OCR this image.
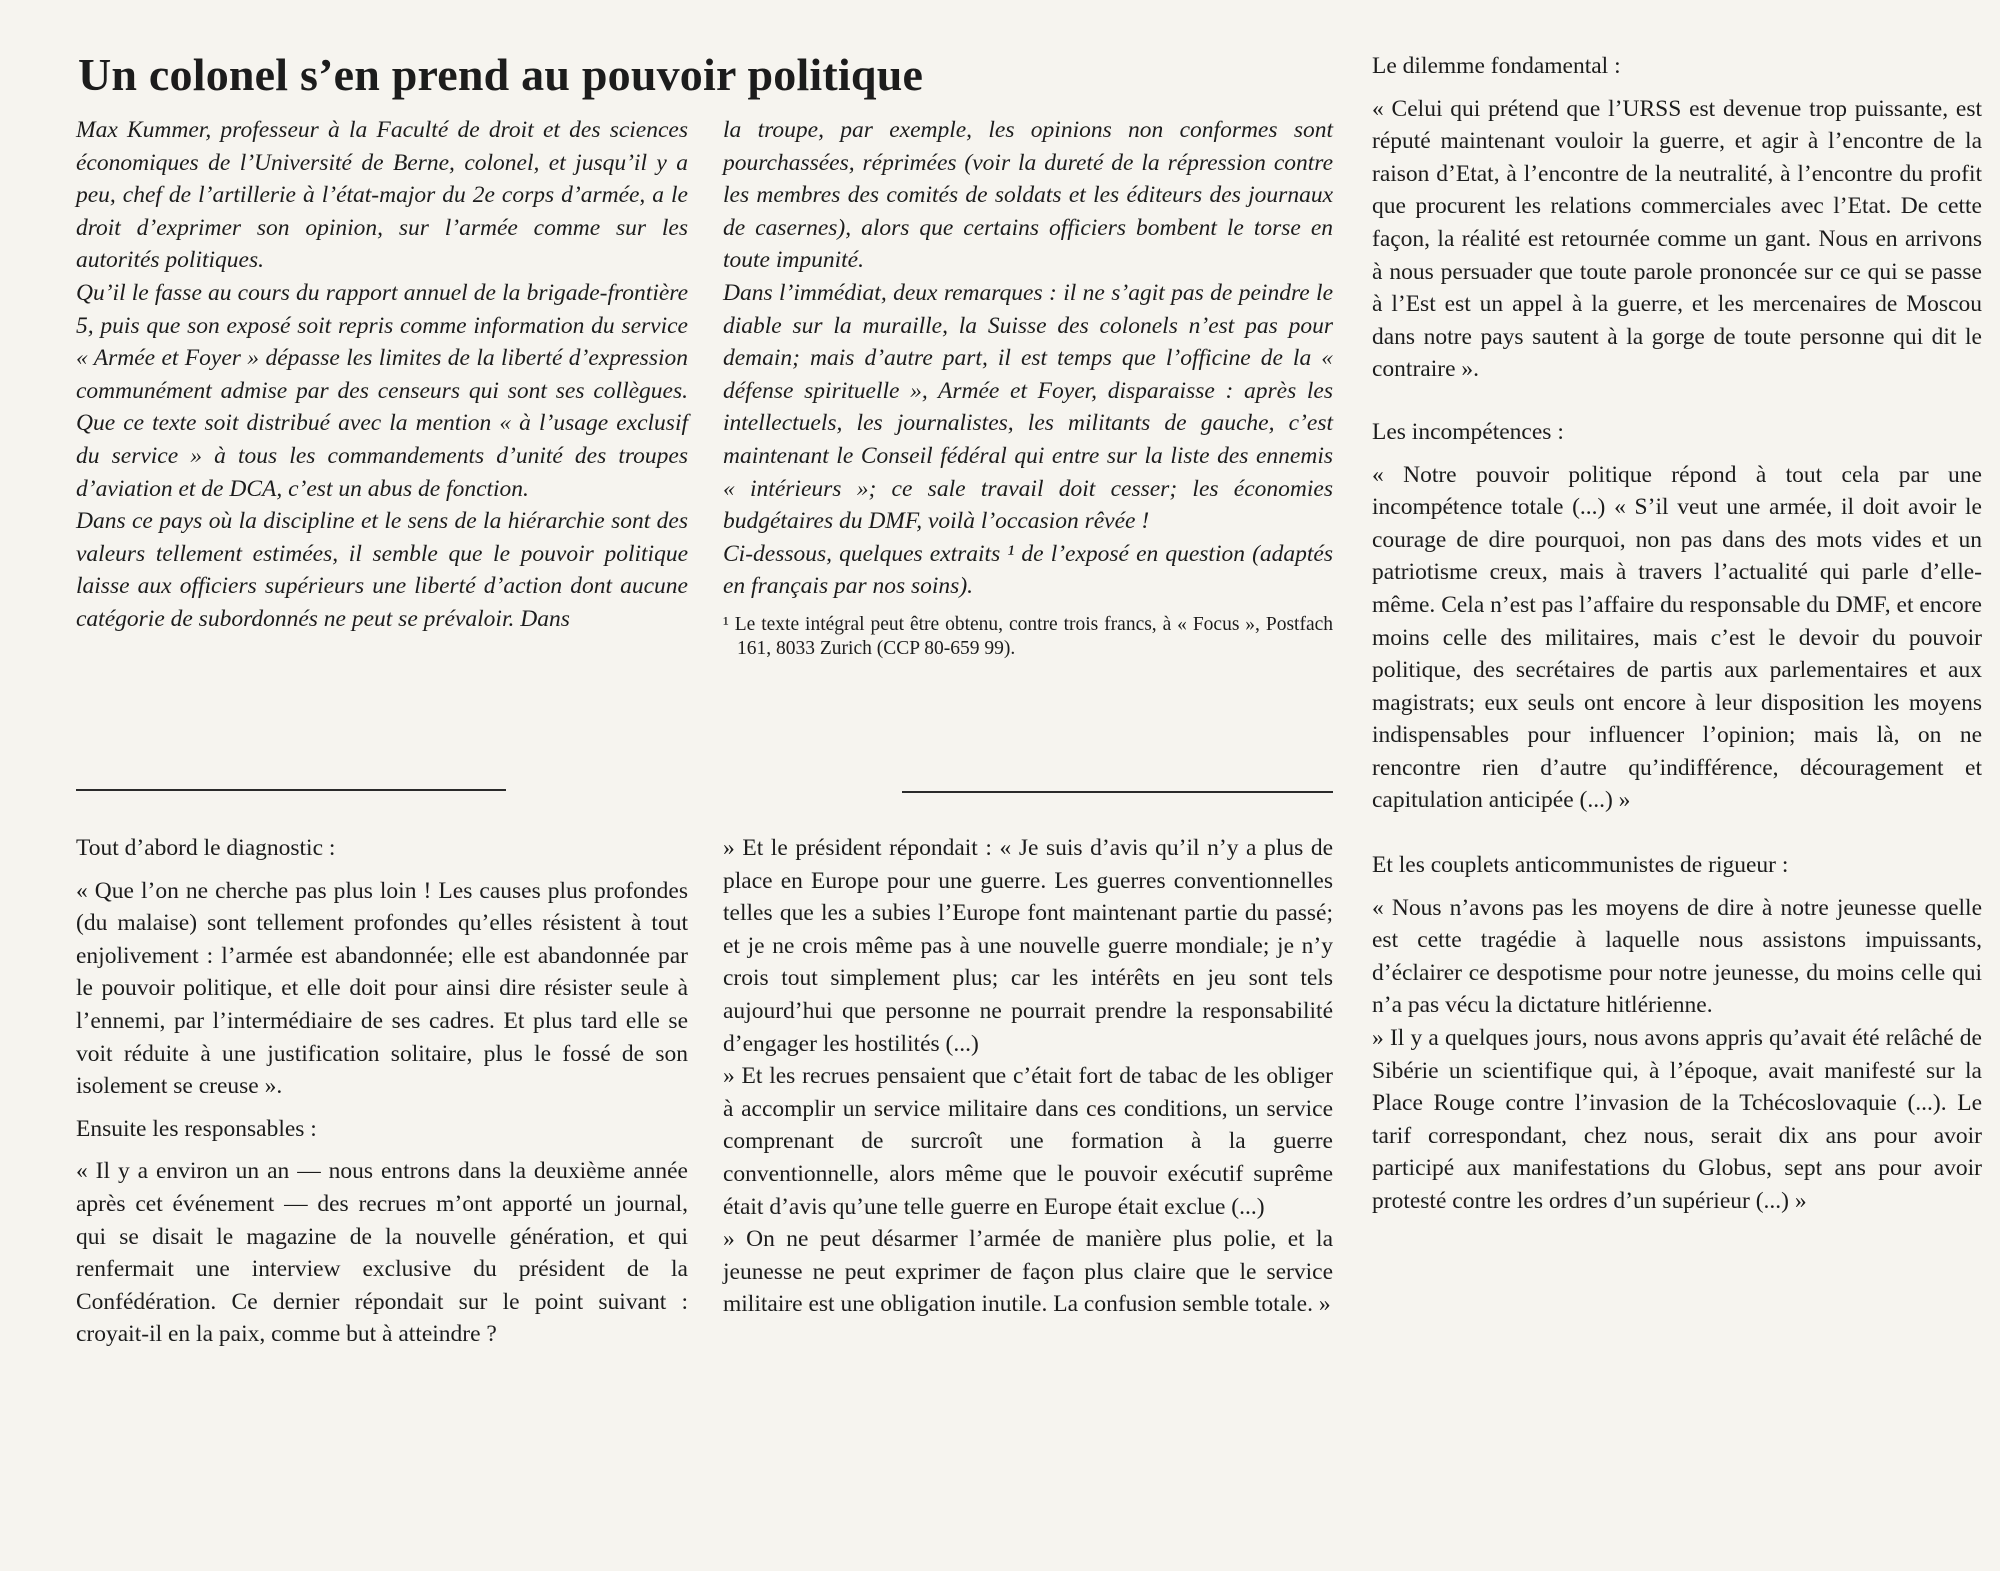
Un colonel s’en prend au pouvoir politique

Max Kummer, professeur à la Faculté de droit et des sciences économiques de l’Université de Berne, colonel, et jusqu’il y a peu, chef de l’artillerie à l’état-major du 2e corps d’armée, a le droit d’exprimer son opinion, sur l’armée comme sur les autorités politiques.

Qu’il le fasse au cours du rapport annuel de la brigade-frontière 5, puis que son exposé soit repris comme information du service « Armée et Foyer » dépasse les limites de la liberté d’expression communément admise par des censeurs qui sont ses collègues. Que ce texte soit distribué avec la mention « à l’usage exclusif du service » à tous les commandements d’unité des troupes d’aviation et de DCA, c’est un abus de fonction.

Dans ce pays où la discipline et le sens de la hiérarchie sont des valeurs tellement estimées, il semble que le pouvoir politique laisse aux officiers supérieurs une liberté d’action dont aucune catégorie de subordonnés ne peut se prévaloir. Dans

la troupe, par exemple, les opinions non conformes sont pourchassées, réprimées (voir la dureté de la répression contre les membres des comités de soldats et les éditeurs des journaux de casernes), alors que certains officiers bombent le torse en toute impunité.

Dans l’immédiat, deux remarques : il ne s’agit pas de peindre le diable sur la muraille, la Suisse des colonels n’est pas pour demain; mais d’autre part, il est temps que l’officine de la « défense spirituelle », Armée et Foyer, disparaisse : après les intellectuels, les journalistes, les militants de gauche, c’est maintenant le Conseil fédéral qui entre sur la liste des ennemis « intérieurs »; ce sale travail doit cesser; les économies budgétaires du DMF, voilà l’occasion rêvée !

Ci-dessous, quelques extraits ¹ de l’exposé en question (adaptés en français par nos soins).

¹ Le texte intégral peut être obtenu, contre trois francs, à « Focus », Postfach 161, 8033 Zurich (CCP 80-659 99).

Tout d’abord le diagnostic :

« Que l’on ne cherche pas plus loin ! Les causes plus profondes (du malaise) sont tellement profondes qu’elles résistent à tout enjolivement : l’armée est abandonnée; elle est abandonnée par le pouvoir politique, et elle doit pour ainsi dire résister seule à l’ennemi, par l’intermédiaire de ses cadres. Et plus tard elle se voit réduite à une justification solitaire, plus le fossé de son isolement se creuse ».

Ensuite les responsables :

« Il y a environ un an — nous entrons dans la deuxième année après cet événement — des recrues m’ont apporté un journal, qui se disait le magazine de la nouvelle génération, et qui renfermait une interview exclusive du président de la Confédération. Ce dernier répondait sur le point suivant : croyait-il en la paix, comme but à atteindre ?

» Et le président répondait : « Je suis d’avis qu’il n’y a plus de place en Europe pour une guerre. Les guerres conventionnelles telles que les a subies l’Europe font maintenant partie du passé; et je ne crois même pas à une nouvelle guerre mondiale; je n’y crois tout simplement plus; car les intérêts en jeu sont tels aujourd’hui que personne ne pourrait prendre la responsabilité d’engager les hostilités (...)

» Et les recrues pensaient que c’était fort de tabac de les obliger à accomplir un service militaire dans ces conditions, un service comprenant de surcroît une formation à la guerre conventionnelle, alors même que le pouvoir exécutif suprême était d’avis qu’une telle guerre en Europe était exclue (...)

» On ne peut désarmer l’armée de manière plus polie, et la jeunesse ne peut exprimer de façon plus claire que le service militaire est une obligation inutile. La confusion semble totale. »

Le dilemme fondamental :

« Celui qui prétend que l’URSS est devenue trop puissante, est réputé maintenant vouloir la guerre, et agir à l’encontre de la raison d’Etat, à l’encontre de la neutralité, à l’encontre du profit que procurent les relations commerciales avec l’Etat. De cette façon, la réalité est retournée comme un gant. Nous en arrivons à nous persuader que toute parole prononcée sur ce qui se passe à l’Est est un appel à la guerre, et les mercenaires de Moscou dans notre pays sautent à la gorge de toute personne qui dit le contraire ».

Les incompétences :

« Notre pouvoir politique répond à tout cela par une incompétence totale (...) « S’il veut une armée, il doit avoir le courage de dire pourquoi, non pas dans des mots vides et un patriotisme creux, mais à travers l’actualité qui parle d’elle-même. Cela n’est pas l’affaire du responsable du DMF, et encore moins celle des militaires, mais c’est le devoir du pouvoir politique, des secrétaires de partis aux parlementaires et aux magistrats; eux seuls ont encore à leur disposition les moyens indispensables pour influencer l’opinion; mais là, on ne rencontre rien d’autre qu’indifférence, découragement et capitulation anticipée (...) »

Et les couplets anticommunistes de rigueur :

« Nous n’avons pas les moyens de dire à notre jeunesse quelle est cette tragédie à laquelle nous assistons impuissants, d’éclairer ce despotisme pour notre jeunesse, du moins celle qui n’a pas vécu la dictature hitlérienne.

» Il y a quelques jours, nous avons appris qu’avait été relâché de Sibérie un scientifique qui, à l’époque, avait manifesté sur la Place Rouge contre l’invasion de la Tchécoslovaquie (...). Le tarif correspondant, chez nous, serait dix ans pour avoir participé aux manifestations du Globus, sept ans pour avoir protesté contre les ordres d’un supérieur (...) »
